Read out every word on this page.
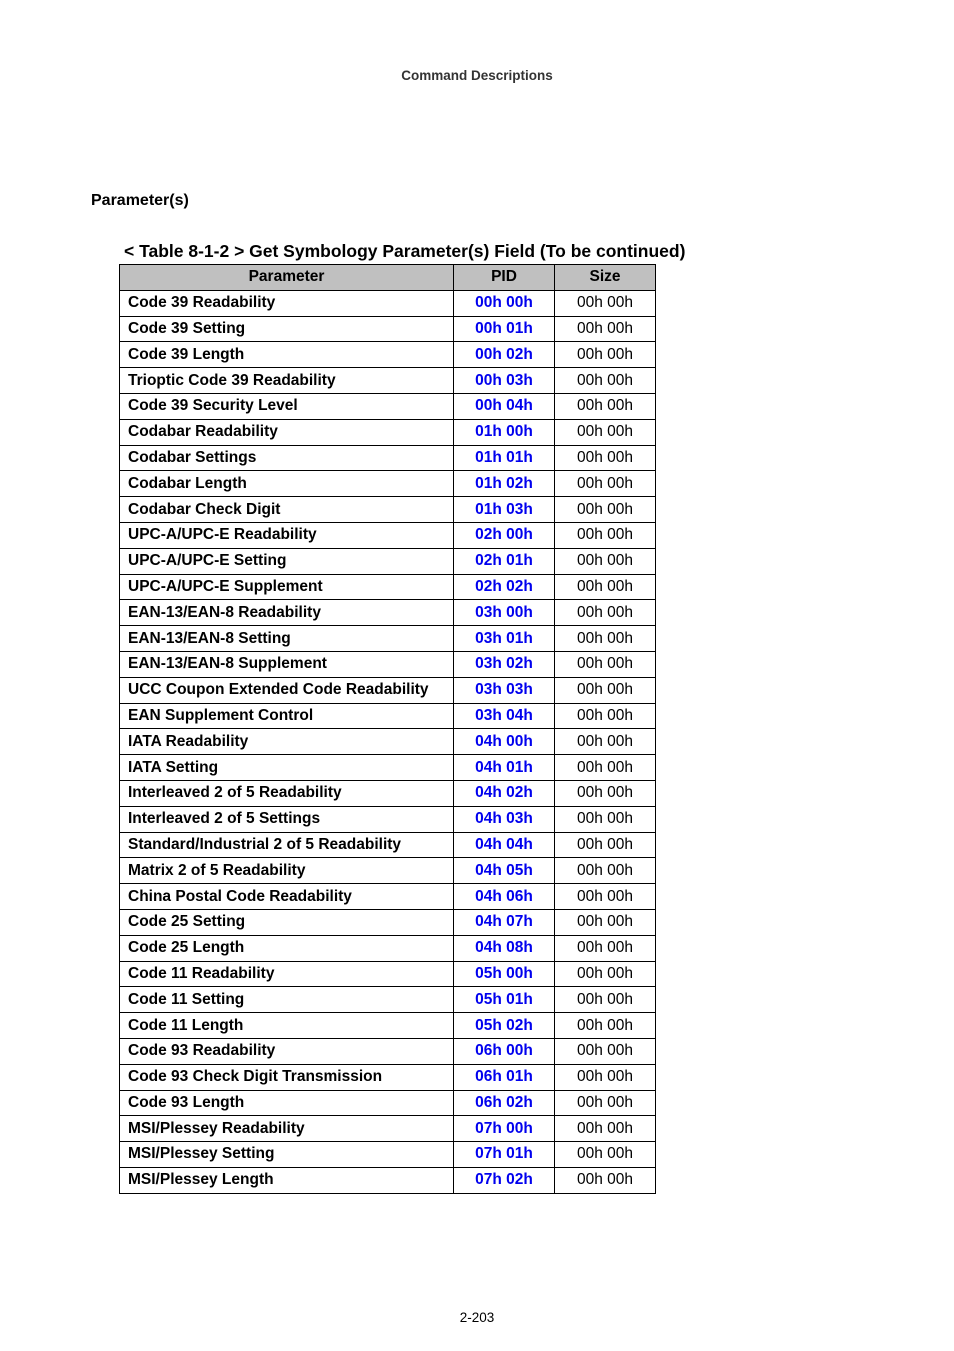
Command Descriptions
Parameter(s)
< Table 8-1-2 > Get Symbology Parameter(s) Field (To be continued)
Parameter	PID	Size
Code 39 Readability	00h 00h	00h 00h
Code 39 Setting	00h 01h	00h 00h
Code 39 Length	00h 02h	00h 00h
Trioptic Code 39 Readability	00h 03h	00h 00h
Code 39 Security Level	00h 04h	00h 00h
Codabar Readability	01h 00h	00h 00h
Codabar Settings	01h 01h	00h 00h
Codabar Length	01h 02h	00h 00h
Codabar Check Digit	01h 03h	00h 00h
UPC-A/UPC-E Readability	02h 00h	00h 00h
UPC-A/UPC-E Setting	02h 01h	00h 00h
UPC-A/UPC-E Supplement	02h 02h	00h 00h
EAN-13/EAN-8 Readability	03h 00h	00h 00h
EAN-13/EAN-8 Setting	03h 01h	00h 00h
EAN-13/EAN-8 Supplement	03h 02h	00h 00h
UCC Coupon Extended Code Readability	03h 03h	00h 00h
EAN Supplement Control	03h 04h	00h 00h
IATA Readability	04h 00h	00h 00h
IATA Setting	04h 01h	00h 00h
Interleaved 2 of 5 Readability	04h 02h	00h 00h
Interleaved 2 of 5 Settings	04h 03h	00h 00h
Standard/Industrial 2 of 5 Readability	04h 04h	00h 00h
Matrix 2 of 5 Readability	04h 05h	00h 00h
China Postal Code Readability	04h 06h	00h 00h
Code 25 Setting	04h 07h	00h 00h
Code 25 Length	04h 08h	00h 00h
Code 11 Readability	05h 00h	00h 00h
Code 11 Setting	05h 01h	00h 00h
Code 11 Length	05h 02h	00h 00h
Code 93 Readability	06h 00h	00h 00h
Code 93 Check Digit Transmission	06h 01h	00h 00h
Code 93 Length	06h 02h	00h 00h
MSI/Plessey Readability	07h 00h	00h 00h
MSI/Plessey Setting	07h 01h	00h 00h
MSI/Plessey Length	07h 02h	00h 00h
2-203
